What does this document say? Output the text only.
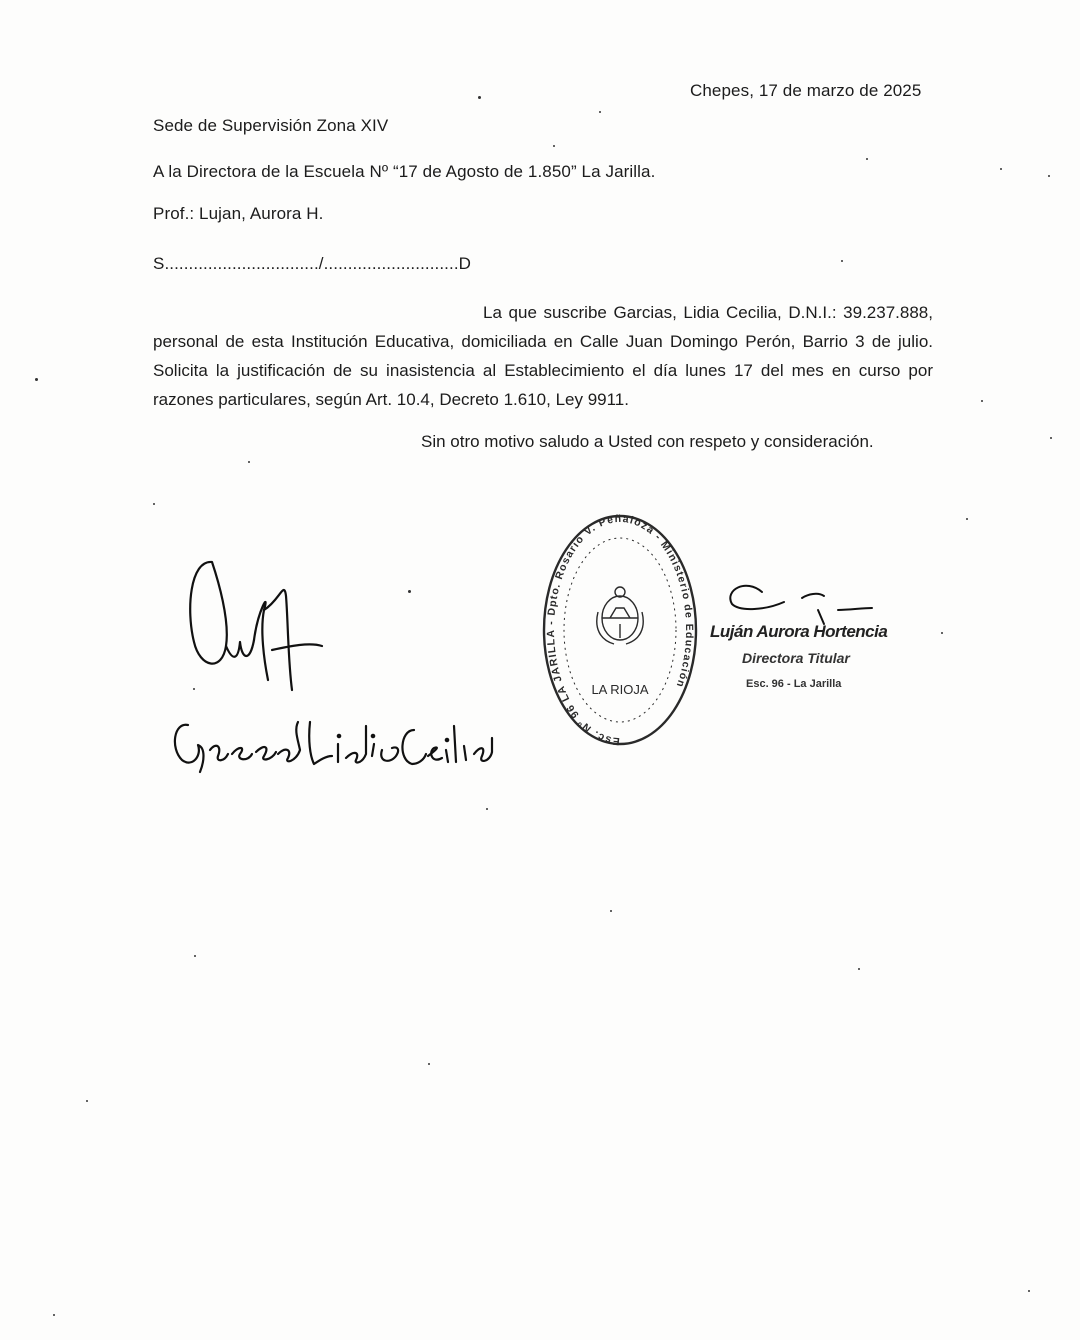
Chepes, 17 de marzo de 2025
Sede de Supervisión Zona XIV
A la Directora de la Escuela Nº “17 de Agosto de 1.850” La Jarilla.
Prof.: Lujan, Aurora H.
S................................/............................D
La que suscribe Garcias, Lidia Cecilia, D.N.I.: 39.237.888, personal de esta Institución Educativa, domiciliada en Calle Juan Domingo Perón, Barrio 3 de julio. Solicita la justificación de su inasistencia al Establecimiento el día lunes 17 del mes en curso por razones particulares, según Art. 10.4, Decreto 1.610, Ley 9911.
Sin otro motivo saludo a Usted con respeto y consideración.
Esc. Nº 96 LA JARILLA - Dpto. Rosario V. Peñaloza - Ministerio de Educación
LA RIOJA
Luján Aurora Hortencia
Directora Titular
Esc. 96 - La Jarilla
